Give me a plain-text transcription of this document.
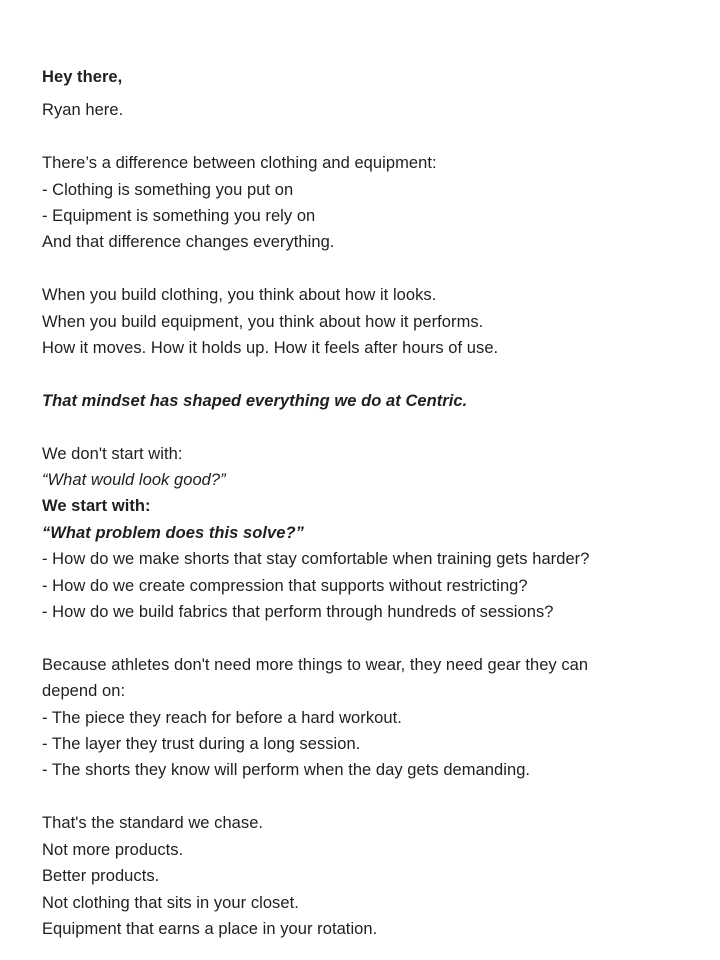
Hey there,
Ryan here.
There’s a difference between clothing and equipment:
- Clothing is something you put on
- Equipment is something you rely on
And that difference changes everything.
When you build clothing, you think about how it looks.
When you build equipment, you think about how it performs.
How it moves. How it holds up. How it feels after hours of use.
That mindset has shaped everything we do at Centric.
We don't start with:
“What would look good?”
We start with:
“What problem does this solve?”
- How do we make shorts that stay comfortable when training gets harder?
- How do we create compression that supports without restricting?
- How do we build fabrics that perform through hundreds of sessions?
Because athletes don't need more things to wear, they need gear they can
depend on:
- The piece they reach for before a hard workout.
- The layer they trust during a long session.
- The shorts they know will perform when the day gets demanding.
That's the standard we chase.
Not more products.
Better products.
Not clothing that sits in your closet.
Equipment that earns a place in your rotation.
